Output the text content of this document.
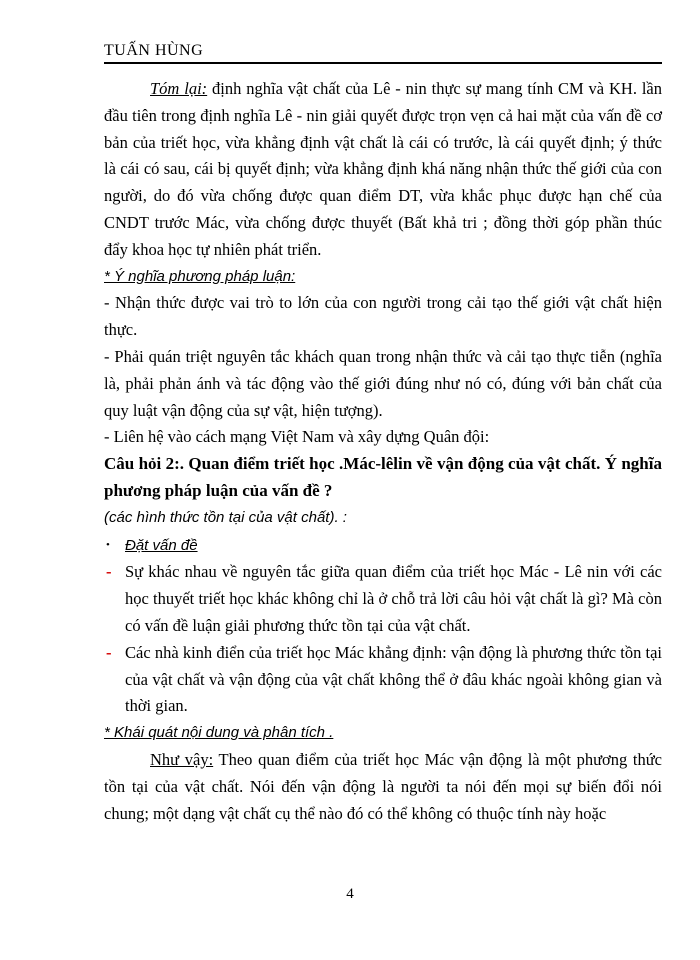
TUẤN HÙNG

Tóm lại: định nghĩa vật chất của Lê - nin thực sự mang tính CM và KH. lần đầu tiên trong định nghĩa Lê - nin giải quyết được trọn vẹn cả hai mặt của vấn đề cơ bản của triết học, vừa khẳng định vật chất là cái có trước, là cái quyết định; ý thức là cái có sau, cái bị quyết định; vừa khẳng định khá năng nhận thức thế giới của con người, do đó vừa chống được quan điểm DT, vừa khắc phục được hạn chế của CNDT trước Mác, vừa chống được thuyết (Bất khả tri ; đồng thời góp phần thúc đẩy khoa học tự nhiên phát triển.

* Ý nghĩa phương pháp luận:

- Nhận thức được vai trò to lớn của con người trong cải tạo thế giới vật chất hiện thực.

- Phải quán triệt nguyên tắc khách quan trong nhận thức và cải tạo thực tiễn (nghĩa là, phải phản ánh và tác động vào thế giới đúng như nó có, đúng với bản chất của quy luật vận động của sự vật, hiện tượng).

- Liên hệ vào cách mạng Việt Nam và xây dựng Quân đội:

Câu hỏi 2:. Quan điểm triết học .Mác-lêlin về vận động của vật chất. Ý nghĩa phương pháp luận của vấn đề ?

(các hình thức tồn tại của vật chất). :

• Đặt vấn đề

- Sự khác nhau về nguyên tắc giữa quan điểm của triết học Mác - Lê nin với các học thuyết triết học khác không chỉ là ở chỗ trả lời câu hỏi vật chất là gì? Mà còn có vấn đề luận giải phương thức tồn tại của vật chất.

- Các nhà kinh điển của triết học Mác khẳng định: vận động là phương thức tồn tại của vật chất và vận động của vật chất không thể ở đâu khác ngoài không gian và thời gian.

* Khái quát nội dung và phân tích .

Như vậy: Theo quan điểm của triết học Mác vận động là một phương thức tồn tại của vật chất. Nói đến vận động là người ta nói đến mọi sự biến đổi nói chung; một dạng vật chất cụ thể nào đó có thể không có thuộc tính này hoặc

4
